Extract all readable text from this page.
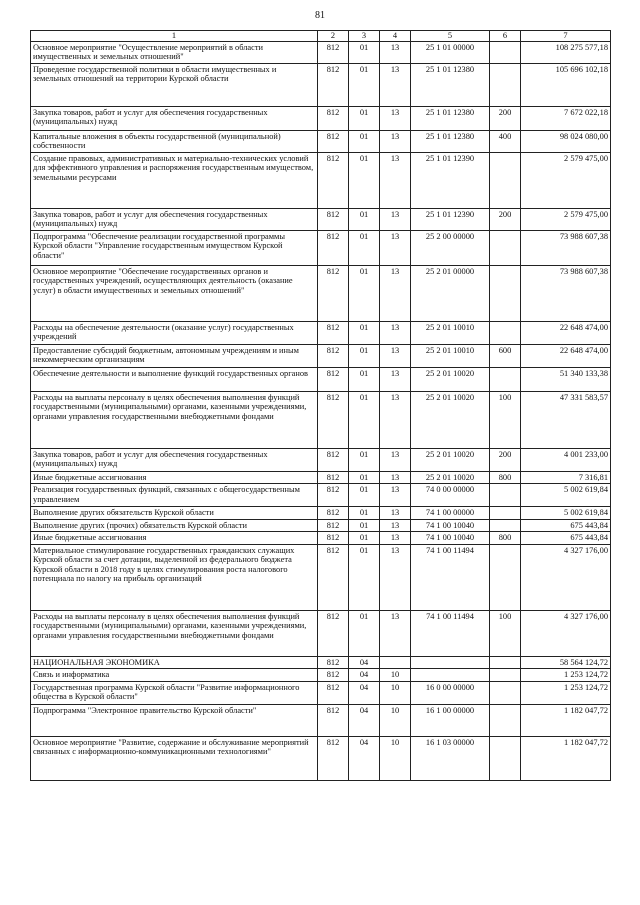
81
1	2	3	4	5	6	7
Основное мероприятие "Осуществление мероприятий в области имущественных и земельных отношений"	812	01	13	25 1 01 00000		108 275 577,18
Проведение государственной политики в области имущественных и земельных отношений на территории Курской области	812	01	13	25 1 01 12380		105 696 102,18
Закупка товаров, работ и услуг для обеспечения государственных (муниципальных) нужд	812	01	13	25 1 01 12380	200	7 672 022,18
Капитальные вложения в объекты государственной (муниципальной) собственности	812	01	13	25 1 01 12380	400	98 024 080,00
Создание правовых, административных и материально-технических условий для эффективного управления и распоряжения государственным имуществом, земельными ресурсами	812	01	13	25 1 01 12390		2 579 475,00
Закупка товаров, работ и услуг для обеспечения государственных (муниципальных) нужд	812	01	13	25 1 01 12390	200	2 579 475,00
Подпрограмма "Обеспечение реализации государственной программы Курской области "Управление государственным имуществом Курской области"	812	01	13	25 2 00 00000		73 988 607,38
Основное мероприятие "Обеспечение государственных органов и государственных учреждений, осуществляющих деятельность (оказание услуг) в области имущественных и земельных отношений"	812	01	13	25 2 01 00000		73 988 607,38
Расходы на обеспечение деятельности (оказание услуг) государственных учреждений	812	01	13	25 2 01 10010		22 648 474,00
Предоставление субсидий бюджетным, автономным учреждениям и иным некоммерческим организациям	812	01	13	25 2 01 10010	600	22 648 474,00
Обеспечение деятельности и выполнение функций государственных органов	812	01	13	25 2 01 10020		51 340 133,38
Расходы на выплаты персоналу в целях обеспечения выполнения функций государственными (муниципальными) органами, казенными учреждениями, органами управления государственными внебюджетными фондами	812	01	13	25 2 01 10020	100	47 331 583,57
Закупка товаров, работ и услуг для обеспечения государственных (муниципальных) нужд	812	01	13	25 2 01 10020	200	4 001 233,00
Иные бюджетные ассигнования	812	01	13	25 2 01 10020	800	7 316,81
Реализация государственных функций, связанных с общегосударственным управлением	812	01	13	74 0 00 00000		5 002 619,84
Выполнение других обязательств Курской области	812	01	13	74 1 00 00000		5 002 619,84
Выполнение других (прочих) обязательств Курской области	812	01	13	74 1 00 10040		675 443,84
Иные бюджетные ассигнования	812	01	13	74 1 00 10040	800	675 443,84
Материальное стимулирование государственных гражданских служащих Курской области за счет дотации, выделенной из федерального бюджета Курской области в 2018 году в целях стимулирования роста налогового потенциала по налогу на прибыль организаций	812	01	13	74 1 00 11494		4 327 176,00
Расходы на выплаты персоналу в целях обеспечения выполнения функций государственными (муниципальными) органами, казенными учреждениями, органами управления государственными внебюджетными фондами	812	01	13	74 1 00 11494	100	4 327 176,00
НАЦИОНАЛЬНАЯ ЭКОНОМИКА	812	04				58 564 124,72
Связь и информатика	812	04	10			1 253 124,72
Государственная программа Курской области "Развитие информационного общества в Курской области"	812	04	10	16 0 00 00000		1 253 124,72
Подпрограмма "Электронное правительство Курской области"	812	04	10	16 1 00 00000		1 182 047,72
Основное мероприятие "Развитие, содержание и обслуживание мероприятий связанных с информационно-коммуникационными технологиями"	812	04	10	16 1 03 00000		1 182 047,72
